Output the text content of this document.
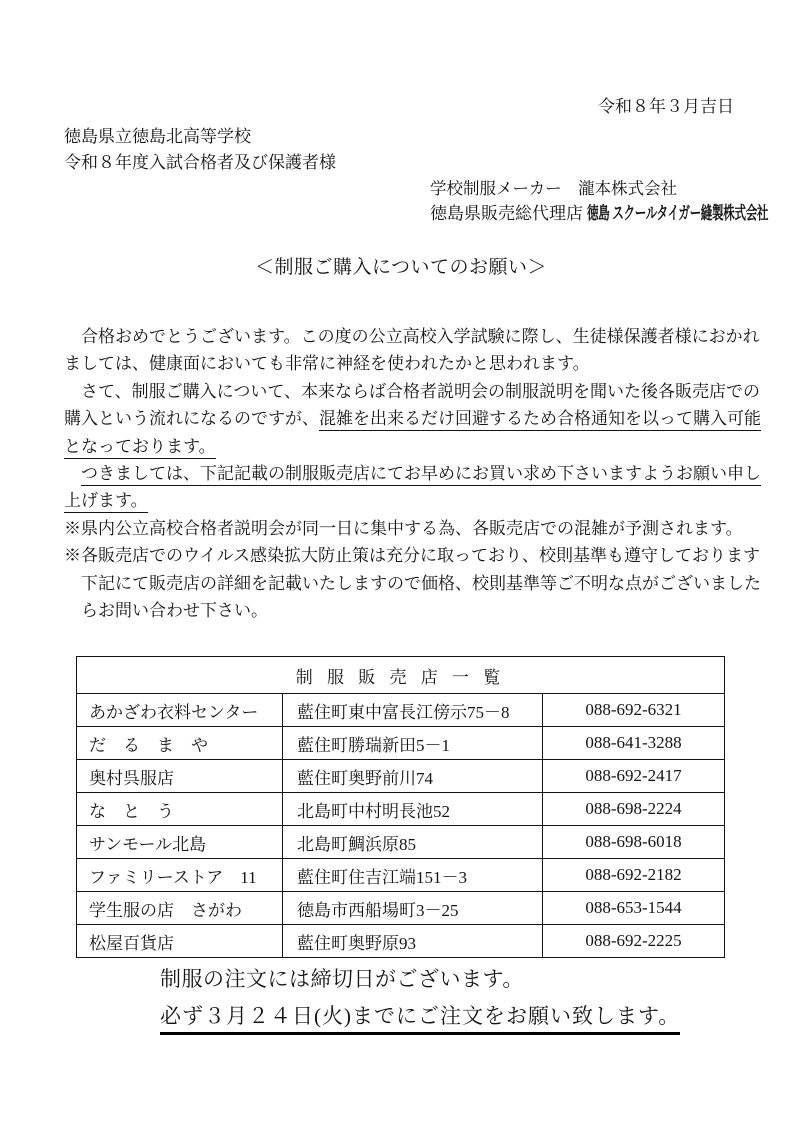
令和８年３月吉日
徳島県立徳島北高等学校
令和８年度入試合格者及び保護者様
学校制服メーカー　瀧本株式会社
徳島県販売総代理店 徳島 スクールタイガー縫製株式会社
＜制服ご購入についてのお願い＞
　合格おめでとうございます。この度の公立高校入学試験に際し、生徒様保護者様におかれ
ましては、健康面においても非常に神経を使われたかと思われます。
　さて、制服ご購入について、本来ならば合格者説明会の制服説明を聞いた後各販売店での
購入という流れになるのですが、混雑を出来るだけ回避するため合格通知を以って購入可能
となっております。
　つきましては、下記記載の制服販売店にてお早めにお買い求め下さいますようお願い申し
上げます。
※県内公立高校合格者説明会が同一日に集中する為、各販売店での混雑が予測されます。
※各販売店でのウイルス感染拡大防止策は充分に取っており、校則基準も遵守しております
　下記にて販売店の詳細を記載いたしますので価格、校則基準等ご不明な点がございました
　らお問い合わせ下さい。
制 服 販 売 店 一 覧		
あかざわ衣料センター	藍住町東中富長江傍示75－8	088-692-6321
だ　る　ま　や	藍住町勝瑞新田5－1	088-641-3288
奥村呉服店	藍住町奥野前川74	088-692-2417
な　と　う	北島町中村明長池52	088-698-2224
サンモール北島	北島町鯛浜原85	088-698-6018
ファミリーストア　11	藍住町住吉江端151－3	088-692-2182
学生服の店　さがわ	徳島市西船場町3－25	088-653-1544
松屋百貨店	藍住町奥野原93	088-692-2225
制服の注文には締切日がございます。
必ず３月２４日(火)までにご注文をお願い致します。
